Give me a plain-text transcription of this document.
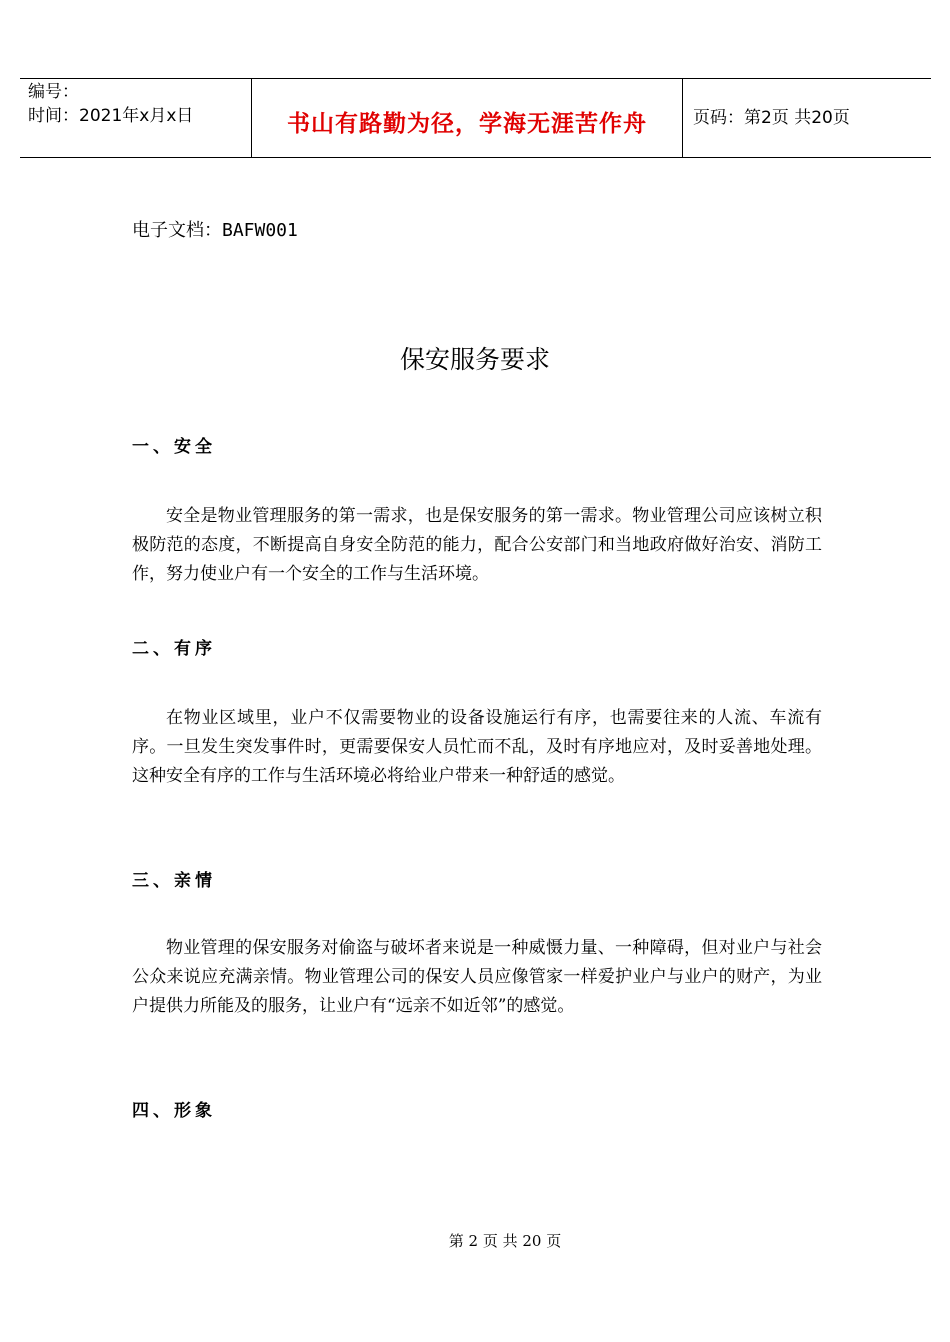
编号：
时间：2021年x月x日	书山有路勤为径，学海无涯苦作舟	页码：第2页 共20页
电子文档：BAFW001
保安服务要求
一、安全
安全是物业管理服务的第一需求，也是保安服务的第一需求。物业管理公司应该树立积极防范的态度，不断提高自身安全防范的能力，配合公安部门和当地政府做好治安、消防工作，努力使业户有一个安全的工作与生活环境。
二、有序
在物业区域里，业户不仅需要物业的设备设施运行有序，也需要往来的人流、车流有序。一旦发生突发事件时，更需要保安人员忙而不乱，及时有序地应对，及时妥善地处理。这种安全有序的工作与生活环境必将给业户带来一种舒适的感觉。
三、亲情
物业管理的保安服务对偷盗与破坏者来说是一种威慑力量、一种障碍，但对业户与社会公众来说应充满亲情。物业管理公司的保安人员应像管家一样爱护业户与业户的财产，为业户提供力所能及的服务，让业户有“远亲不如近邻”的感觉。
四、形象
第 2 页 共 20 页
